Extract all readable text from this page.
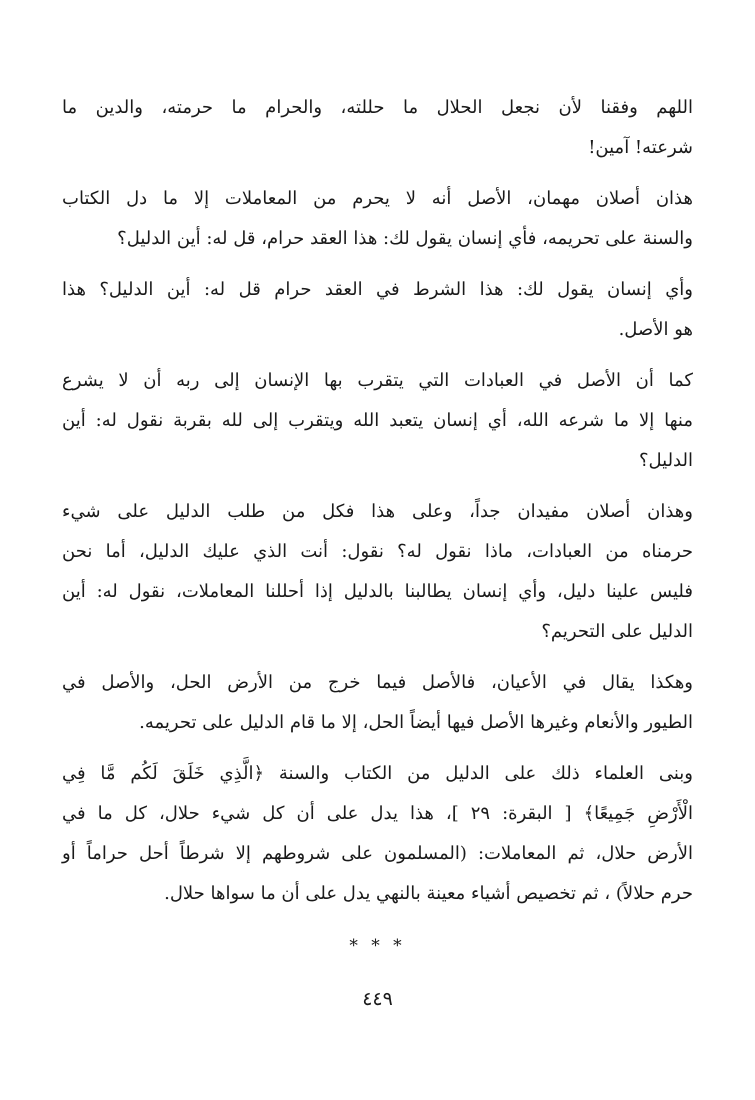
اللهم وفقنا لأن نجعل الحلال ما حللته، والحرام ما حرمته، والدين ما
شرعته! آمين!
هذان أصلان مهمان، الأصل أنه لا يحرم من المعاملات إلا ما دل الكتاب
والسنة على تحريمه، فأي إنسان يقول لك: هذا العقد حرام، قل له: أين الدليل؟
وأي إنسان يقول لك: هذا الشرط في العقد حرام قل له: أين الدليل؟ هذا
هو الأصل.
كما أن الأصل في العبادات التي يتقرب بها الإنسان إلى ربه أن لا يشرع
منها إلا ما شرعه الله، أي إنسان يتعبد الله ويتقرب إلى لله بقربة نقول له: أين
الدليل؟
وهذان أصلان مفيدان جداً، وعلى هذا فكل من طلب الدليل على شيء
حرمناه من العبادات، ماذا نقول له؟ نقول: أنت الذي عليك الدليل، أما نحن
فليس علينا دليل، وأي إنسان يطالبنا بالدليل إذا أحللنا المعاملات، نقول له: أين
الدليل على التحريم؟
وهكذا يقال في الأعيان، فالأصل فيما خرج من الأرض الحل، والأصل في
الطيور والأنعام وغيرها الأصل فيها أيضاً الحل، إلا ما قام الدليل على تحريمه.
وبنى العلماء ذلك على الدليل من الكتاب والسنة ﴿الَّذِي خَلَقَ لَكُم مَّا فِي
الْأَرْضِ جَمِيعًا﴾ [ البقرة: ٢٩ ]، هذا يدل على أن كل شيء حلال، كل ما في
الأرض حلال، ثم المعاملات: (المسلمون على شروطهم إلا شرطاً أحل حراماً أو
حرم حلالاً) ، ثم تخصيص أشياء معينة بالنهي يدل على أن ما سواها حلال.
* * *
٤٤٩
